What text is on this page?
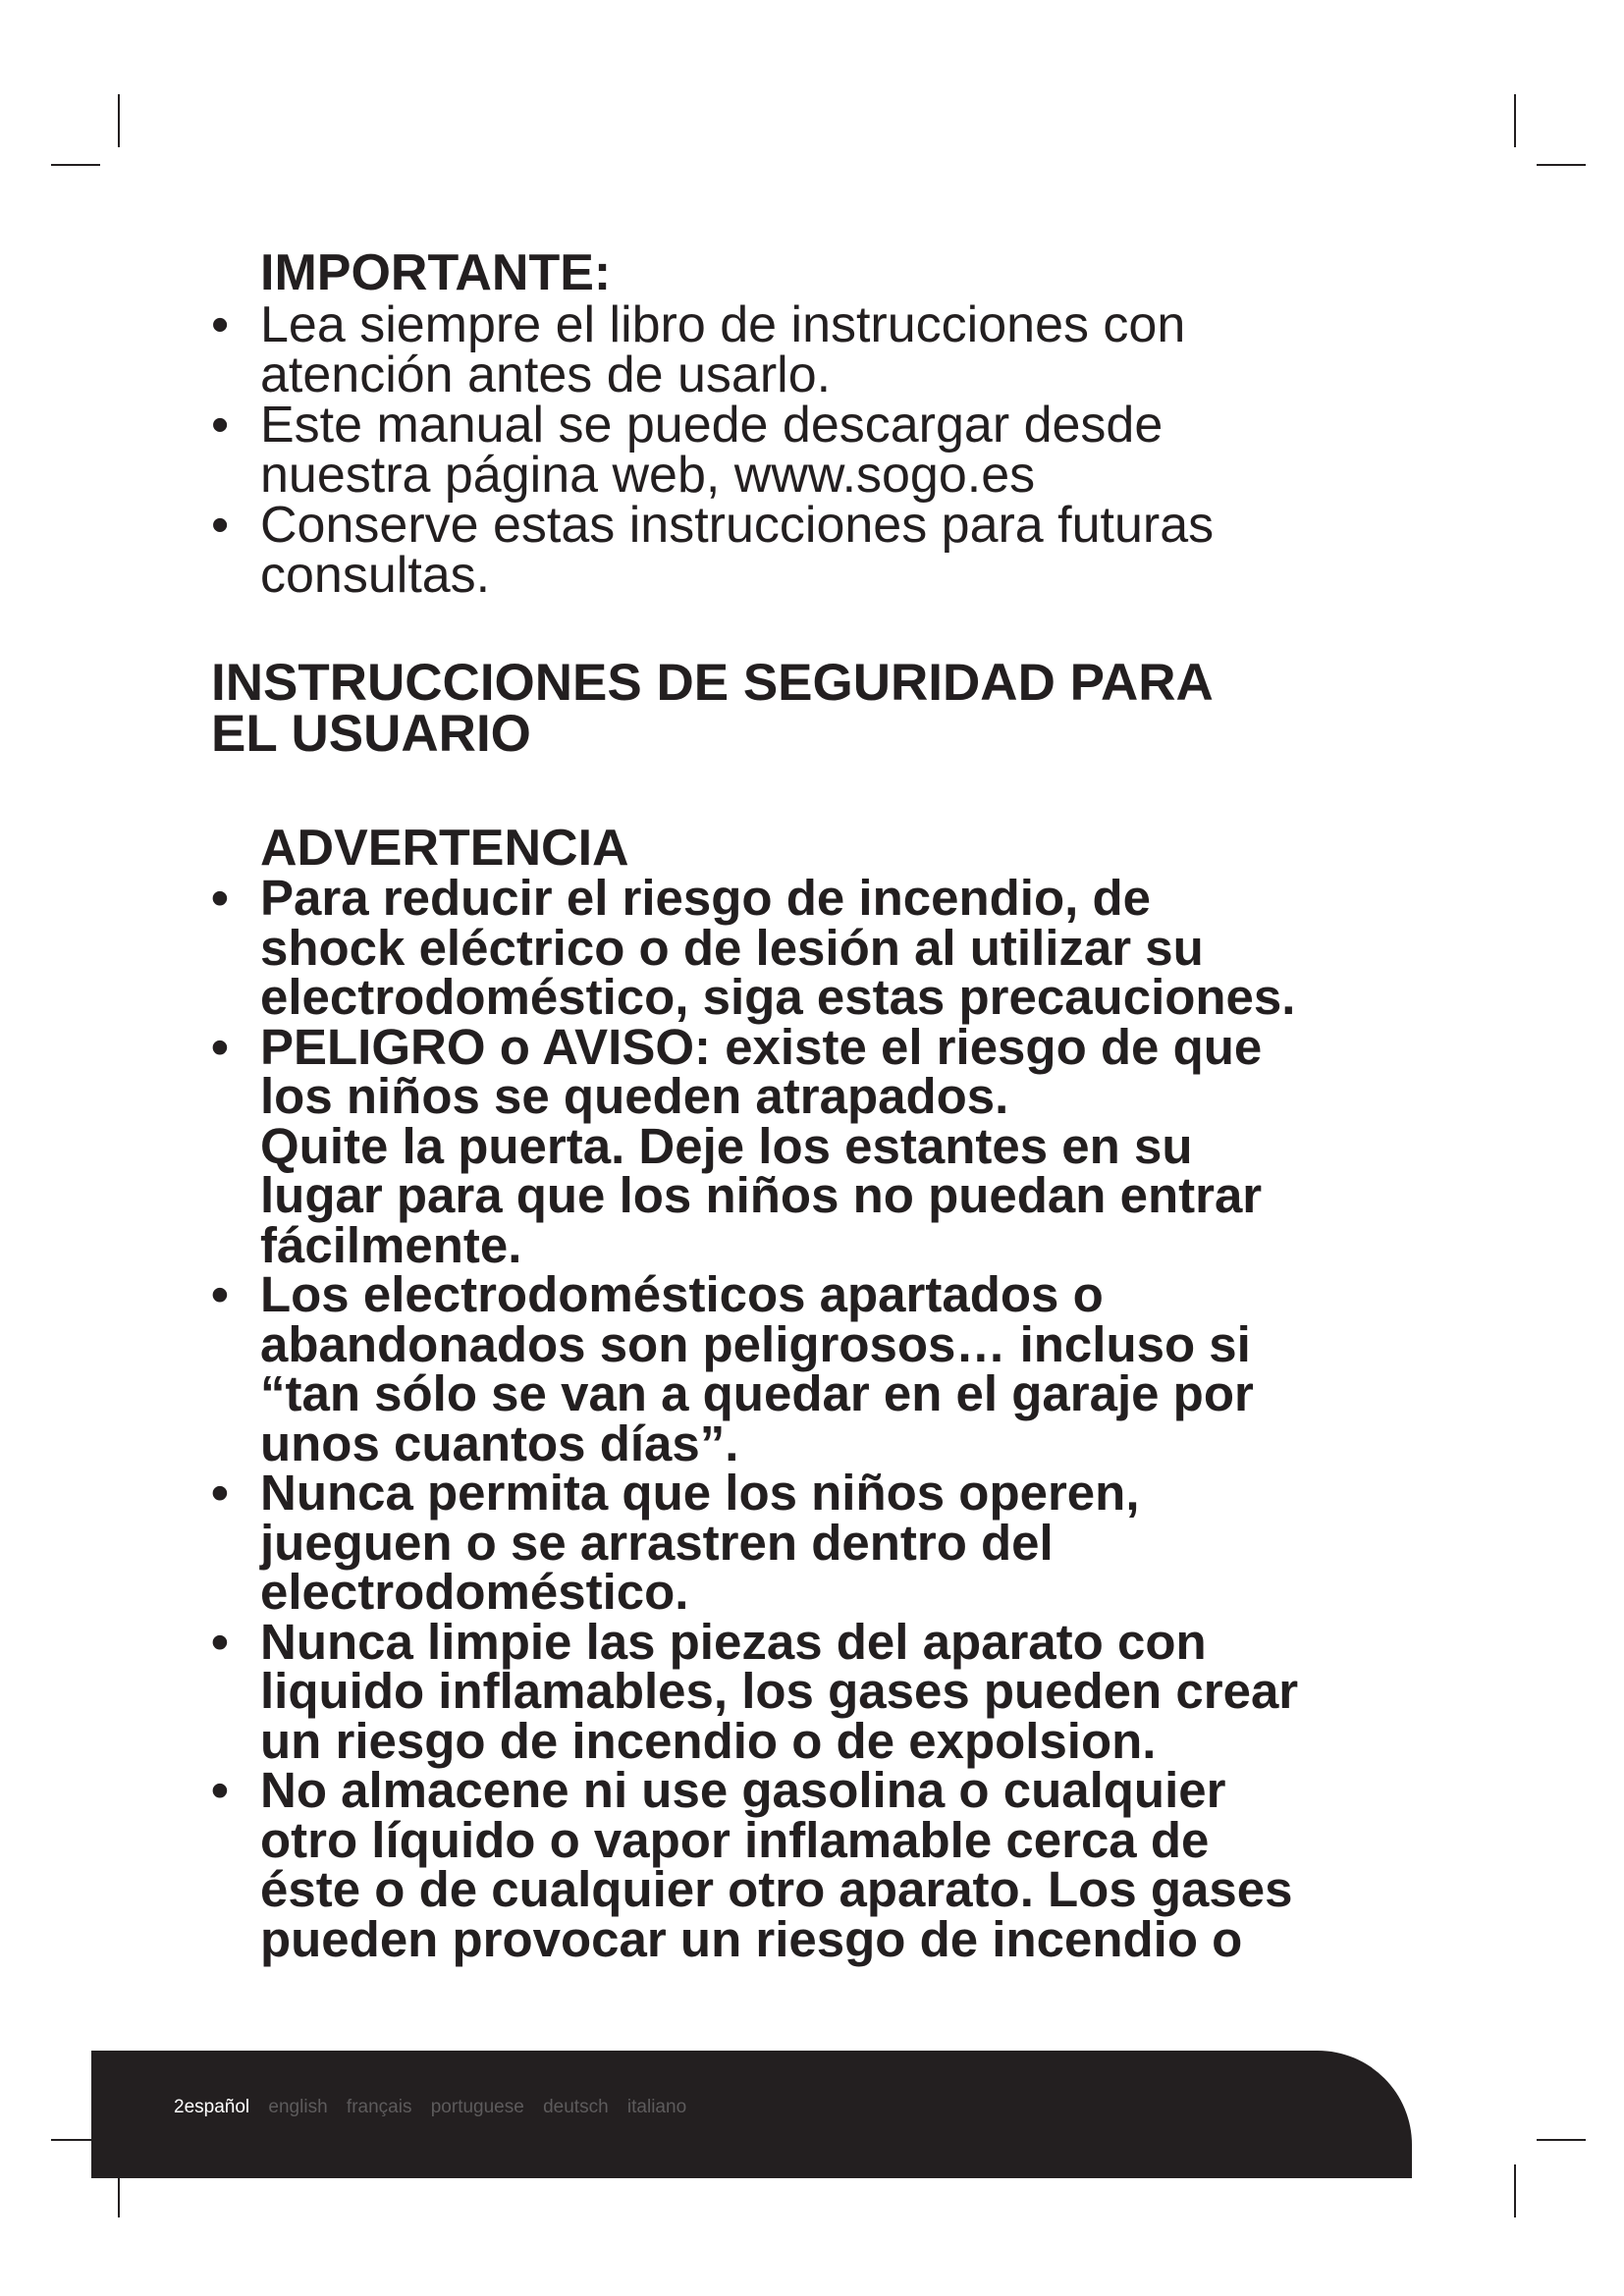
IMPORTANTE:
• Lea siempre el libro de instrucciones con
atención antes de usarlo.
• Este manual se puede descargar desde
nuestra página web, www.sogo.es
• Conserve estas instrucciones para futuras
consultas.
INSTRUCCIONES DE SEGURIDAD PARA
EL USUARIO
ADVERTENCIA
• Para reducir el riesgo de incendio, de
shock eléctrico o de lesión al utilizar su
electrodoméstico, siga estas precauciones.
• PELIGRO o AVISO: existe el riesgo de que
los niños se queden atrapados.
Quite la puerta. Deje los estantes en su
lugar para que los niños no puedan entrar
fácilmente.
• Los electrodomésticos apartados o
abandonados son peligrosos… incluso si
“tan sólo se van a quedar en el garaje por
unos cuantos días”.
• Nunca permita que los niños operen,
jueguen o se arrastren dentro del
electrodoméstico.
• Nunca limpie las piezas del aparato con
liquido inflamables, los gases pueden crear
un riesgo de incendio o de expolsion.
• No almacene ni use gasolina o cualquier
otro líquido o vapor inflamable cerca de
éste o de cualquier otro aparato. Los gases
pueden provocar un riesgo de incendio o
2español english français portuguese deutsch italiano
